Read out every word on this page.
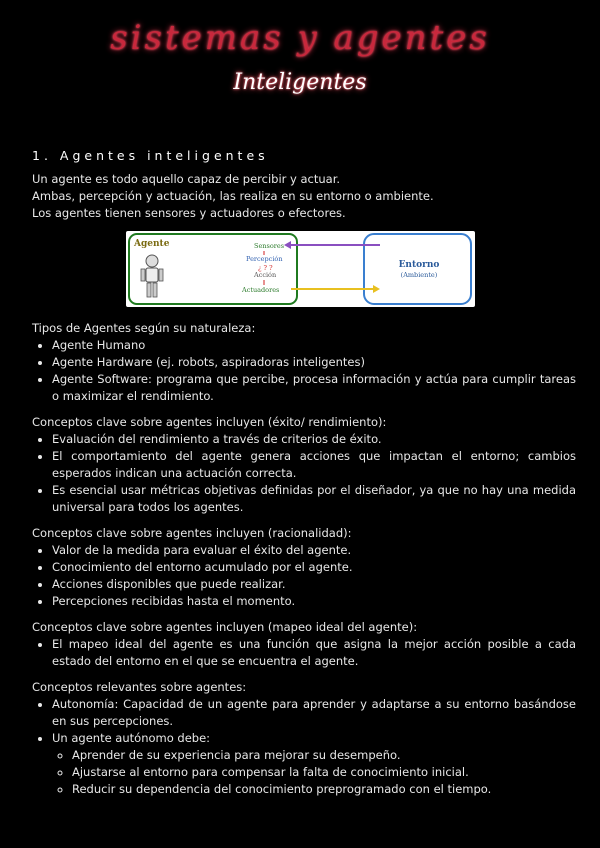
sistemas y agentes
Inteligentes
1. Agentes inteligentes
Un agente es todo aquello capaz de percibir y actuar.
Ambas, percepción y actuación, las realiza en su entorno o ambiente.
Los agentes tienen sensores y actuadores o efectores.
Agente	Sensores
Percepción
¿ ? ?
Acción
Actuadores
Entorno
(Ambiente)

Tipos de Agentes según su naturaleza:

• Agente Humano
• Agente Hardware (ej. robots, aspiradoras inteligentes)
• Agente Software: programa que percibe, procesa información y actúa para cumplir tareas o maximizar el rendimiento.

Conceptos clave sobre agentes incluyen (éxito/ rendimiento):

• Evaluación del rendimiento a través de criterios de éxito.
• El comportamiento del agente genera acciones que impactan el entorno; cambios esperados indican una actuación correcta.
• Es esencial usar métricas objetivas definidas por el diseñador, ya que no hay una medida universal para todos los agentes.

Conceptos clave sobre agentes incluyen (racionalidad):

• Valor de la medida para evaluar el éxito del agente.
• Conocimiento del entorno acumulado por el agente.
• Acciones disponibles que puede realizar.
• Percepciones recibidas hasta el momento.

Conceptos clave sobre agentes incluyen (mapeo ideal del agente):

• El mapeo ideal del agente es una función que asigna la mejor acción posible a cada estado del entorno en el que se encuentra el agente.

Conceptos relevantes sobre agentes:

• Autonomía: Capacidad de un agente para aprender y adaptarse a su entorno basándose en sus percepciones.
• Un agente autónomo debe:
◦ Aprender de su experiencia para mejorar su desempeño.
◦ Ajustarse al entorno para compensar la falta de conocimiento inicial.
◦ Reducir su dependencia del conocimiento preprogramado con el tiempo.
